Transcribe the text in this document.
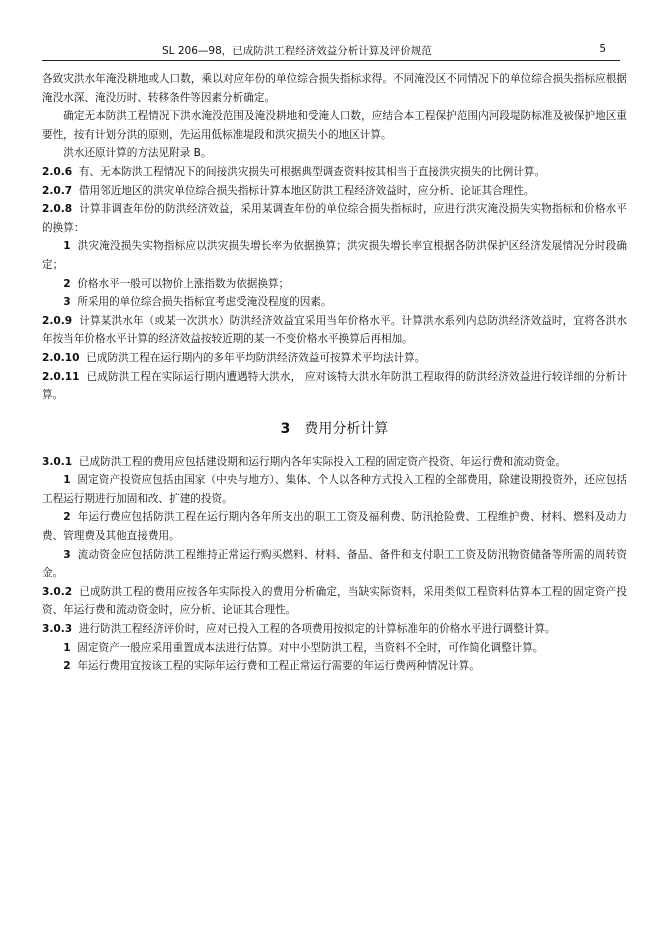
SL 206—98，已成防洪工程经济效益分析计算及评价规范	5

各致灾洪水年淹没耕地或人口数，乘以对应年份的单位综合损失指标求得。不同淹没区不同情况下的单位综合损失指标应根据淹没水深、淹没历时、转移条件等因素分析确定。

确定无本防洪工程情况下洪水淹没范围及淹没耕地和受淹人口数，应结合本工程保护范围内河段堤防标准及被保护地区重要性，按有计划分洪的原则，先运用低标准堤段和洪灾损失小的地区计算。

洪水还原计算的方法见附录 B。

2.0.6 有、无本防洪工程情况下的间接洪灾损失可根据典型调查资料按其相当于直接洪灾损失的比例计算。

2.0.7 借用邻近地区的洪灾单位综合损失指标计算本地区防洪工程经济效益时，应分析、论证其合理性。

2.0.8 计算非调查年份的防洪经济效益，采用某调查年份的单位综合损失指标时，应进行洪灾淹没损失实物指标和价格水平的换算：

1 洪灾淹没损失实物指标应以洪灾损失增长率为依据换算；洪灾损失增长率宜根据各防洪保护区经济发展情况分时段确定；

2 价格水平一般可以物价上涨指数为依据换算；

3 所采用的单位综合损失指标宜考虑受淹没程度的因素。

2.0.9 计算某洪水年（或某一次洪水）防洪经济效益宜采用当年价格水平。计算洪水系列内总防洪经济效益时，宜将各洪水年按当年价格水平计算的经济效益按较近期的某一不变价格水平换算后再相加。

2.0.10 已成防洪工程在运行期内的多年平均防洪经济效益可按算术平均法计算。

2.0.11 已成防洪工程在实际运行期内遭遇特大洪水， 应对该特大洪水年防洪工程取得的防洪经济效益进行较详细的分析计算。

3 费用分析计算

3.0.1 已成防洪工程的费用应包括建设期和运行期内各年实际投入工程的固定资产投资、年运行费和流动资金。

1 固定资产投资应包括由国家（中央与地方）、集体、个人以各种方式投入工程的全部费用，除建设期投资外，还应包括工程运行期进行加固和改、扩建的投资。

2 年运行费应包括防洪工程在运行期内各年所支出的职工工资及福利费、防汛抢险费、工程维护费、材料、燃料及动力费、管理费及其他直接费用。

3 流动资金应包括防洪工程维持正常运行购买燃料、材料、备品、备件和支付职工工资及防汛物资储备等所需的周转资金。

3.0.2 已成防洪工程的费用应按各年实际投入的费用分析确定，当缺实际资料，采用类似工程资料估算本工程的固定资产投资、年运行费和流动资金时，应分析、论证其合理性。

3.0.3 进行防洪工程经济评价时，应对已投入工程的各项费用按拟定的计算标准年的价格水平进行调整计算。

1 固定资产一般应采用重置成本法进行估算。对中小型防洪工程，当资料不全时，可作简化调整计算。

2 年运行费用宜按该工程的实际年运行费和工程正常运行需要的年运行费两种情况计算。
